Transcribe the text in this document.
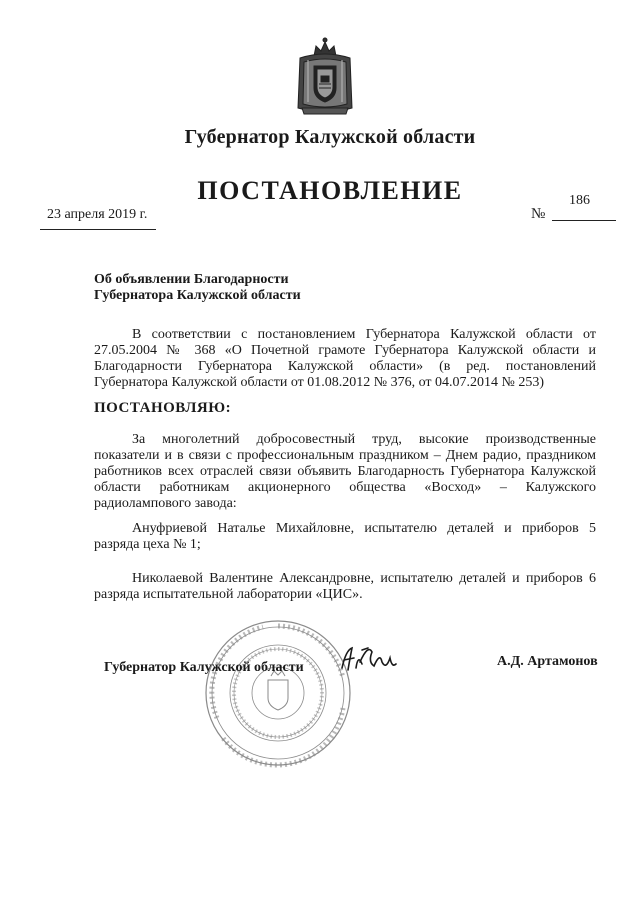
Губернатор Калужской области
ПОСТАНОВЛЕНИЕ
23 апреля 2019 г.
186
№
Об объявлении Благодарности
Губернатора Калужской области
В соответствии с постановлением Губернатора Калужской области от 27.05.2004 № 368 «О Почетной грамоте Губернатора Калужской области и Благодарности Губернатора Калужской области» (в ред. постановлений Губернатора Калужской области от 01.08.2012 № 376, от 04.07.2014 № 253)
ПОСТАНОВЛЯЮ:
За многолетний добросовестный труд, высокие производственные показатели и в связи с профессиональным праздником – Днем радио, праздником работников всех отраслей связи объявить Благодарность Губернатора Калужской области работникам акционерного общества «Восход» – Калужского радиолампового завода:
Ануфриевой Наталье Михайловне, испытателю деталей и приборов 5 разряда цеха № 1;
Николаевой Валентине Александровне, испытателю деталей и приборов 6 разряда испытательной лаборатории «ЦИС».
Губернатор Калужской области	А.Д. Артамонов
